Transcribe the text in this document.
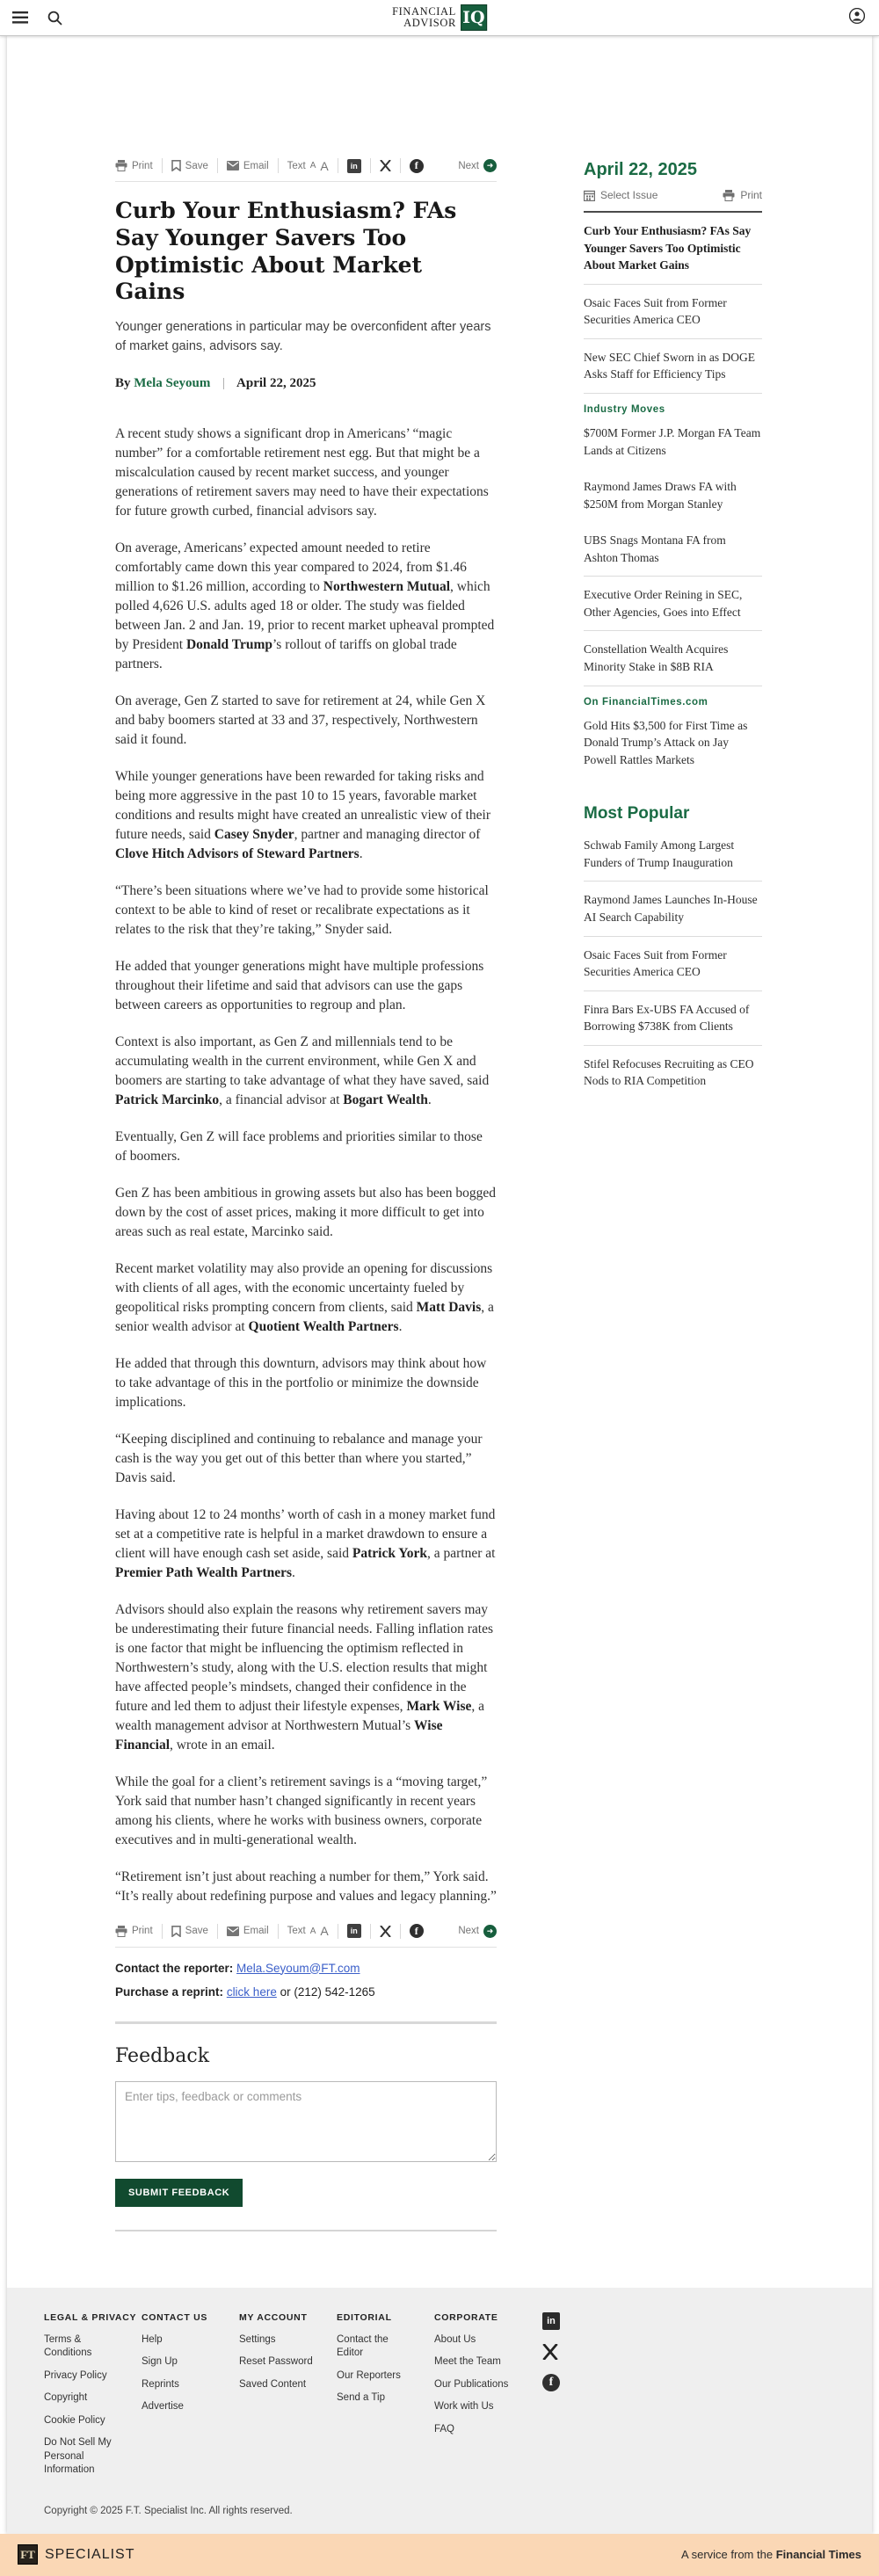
FINANCIAL
ADVISOR IQ
Print	Save	Email Text A A	in	f	Next ➜
Curb Your Enthusiasm? FAs Say Younger Savers Too Optimistic About Market Gains

Younger generations in particular may be overconfident after years of market gains, advisors say.

By Mela Seyoum | April 22, 2025

A recent study shows a significant drop in Americans’ “magic number” for a comfortable retirement nest egg. But that might be a miscalculation caused by recent market success, and younger generations of retirement savers may need to have their expectations for future growth curbed, financial advisors say.

On average, Americans’ expected amount needed to retire comfortably came down this year compared to 2024, from $1.46 million to $1.26 million, according to Northwestern Mutual, which polled 4,626 U.S. adults aged 18 or older. The study was fielded between Jan. 2 and Jan. 19, prior to recent market upheaval prompted by President Donald Trump’s rollout of tariffs on global trade partners.

On average, Gen Z started to save for retirement at 24, while Gen X and baby boomers started at 33 and 37, respectively, Northwestern said it found.

While younger generations have been rewarded for taking risks and being more aggressive in the past 10 to 15 years, favorable market conditions and results might have created an unrealistic view of their future needs, said Casey Snyder, partner and managing director of Clove Hitch Advisors of Steward Partners.

“There’s been situations where we’ve had to provide some historical context to be able to kind of reset or recalibrate expectations as it relates to the risk that they’re taking,” Snyder said.

He added that younger generations might have multiple professions throughout their lifetime and said that advisors can use the gaps between careers as opportunities to regroup and plan.

Context is also important, as Gen Z and millennials tend to be accumulating wealth in the current environment, while Gen X and boomers are starting to take advantage of what they have saved, said Patrick Marcinko, a financial advisor at Bogart Wealth.

Eventually, Gen Z will face problems and priorities similar to those of boomers.

Gen Z has been ambitious in growing assets but also has been bogged down by the cost of asset prices, making it more difficult to get into areas such as real estate, Marcinko said.

Recent market volatility may also provide an opening for discussions with clients of all ages, with the economic uncertainty fueled by geopolitical risks prompting concern from clients, said Matt Davis, a senior wealth advisor at Quotient Wealth Partners.

He added that through this downturn, advisors may think about how to take advantage of this in the portfolio or minimize the downside implications.

“Keeping disciplined and continuing to rebalance and manage your cash is the way you get out of this better than where you started,” Davis said.

Having about 12 to 24 months’ worth of cash in a money market fund set at a competitive rate is helpful in a market drawdown to ensure a client will have enough cash set aside, said Patrick York, a partner at Premier Path Wealth Partners.

Advisors should also explain the reasons why retirement savers may be underestimating their future financial needs. Falling inflation rates is one factor that might be influencing the optimism reflected in Northwestern’s study, along with the U.S. election results that might have affected people’s mindsets, changed their confidence in the future and led them to adjust their lifestyle expenses, Mark Wise, a wealth management advisor at Northwestern Mutual’s Wise Financial, wrote in an email.

While the goal for a client’s retirement savings is a “moving target,” York said that number hasn’t changed significantly in recent years among his clients, where he works with business owners, corporate executives and in multi-generational wealth.

“Retirement isn’t just about reaching a number for them,” York said. “It’s really about redefining purpose and values and legacy planning.”

Print	Save	Email Text A A	in	f	Next ➜

Contact the reporter: Mela.Seyoum@FT.com

Purchase a reprint: click here or (212) 542-1265

Feedback
Enter tips, feedback or comments
SUBMIT FEEDBACK
April 22, 2025
Select Issue	Print
Curb Your Enthusiasm? FAs Say Younger Savers Too Optimistic About Market Gains
Osaic Faces Suit from Former Securities America CEO
New SEC Chief Sworn in as DOGE Asks Staff for Efficiency Tips
Industry Moves
$700M Former J.P. Morgan FA Team Lands at Citizens
Raymond James Draws FA with $250M from Morgan Stanley
UBS Snags Montana FA from Ashton Thomas
Executive Order Reining in SEC, Other Agencies, Goes into Effect
Constellation Wealth Acquires Minority Stake in $8B RIA
On FinancialTimes.com
Gold Hits $3,500 for First Time as Donald Trump’s Attack on Jay Powell Rattles Markets
Most Popular
Schwab Family Among Largest Funders of Trump Inauguration
Raymond James Launches In-House AI Search Capability
Osaic Faces Suit from Former Securities America CEO
Finra Bars Ex-UBS FA Accused of Borrowing $738K from Clients
Stifel Refocuses Recruiting as CEO Nods to RIA Competition
LEGAL & PRIVACY
Terms & Conditions
Privacy Policy
Copyright
Cookie Policy
Do Not Sell My Personal Information
CONTACT US
Help
Sign Up
Reprints
Advertise
MY ACCOUNT
Settings
Reset Password
Saved Content
EDITORIAL
Contact the Editor
Our Reporters
Send a Tip
CORPORATE
About Us
Meet the Team
Our Publications
Work with Us
FAQ
in
f
Copyright © 2025 F.T. Specialist Inc. All rights reserved.
FT SPECIALIST	A service from the Financial Times
